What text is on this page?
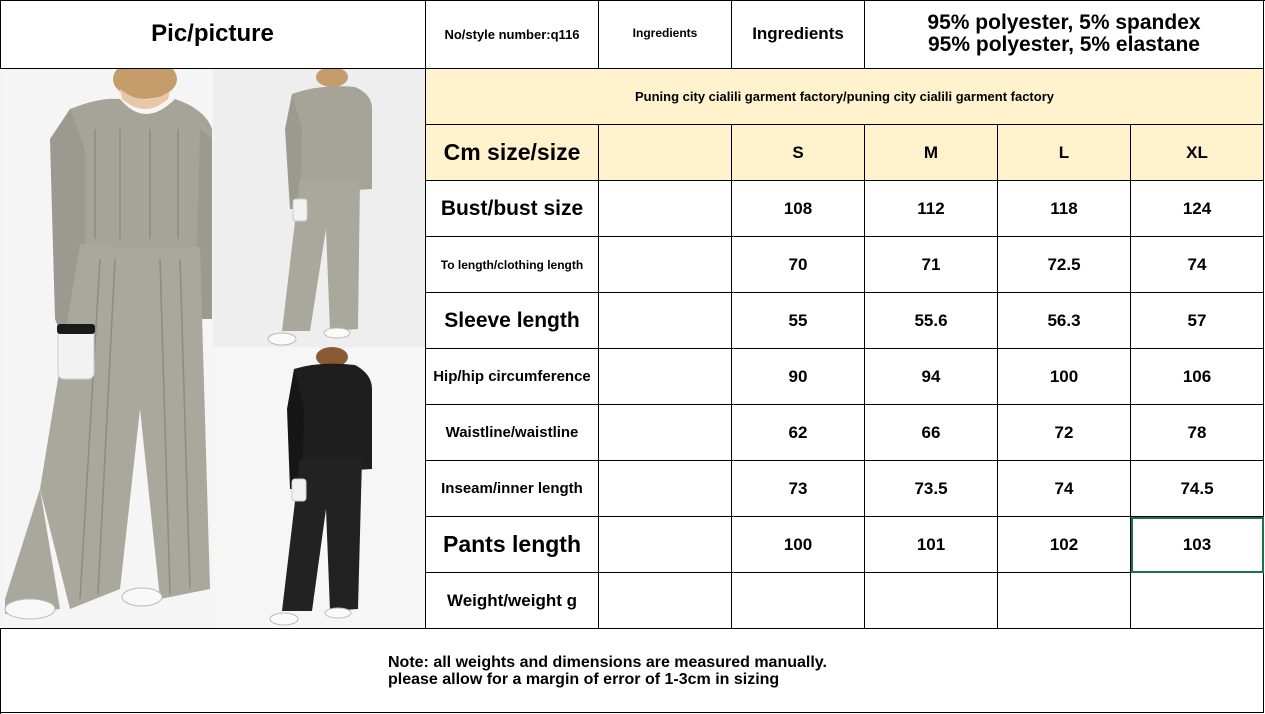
Pic/picture	No/style number:q116	Ingredients	Ingredients	95% polyester, 5% spandex
95% polyester, 5% elastane
Puning city cialili garment factory/puning city cialili garment factory
Cm size/size	S	M	L	XL
Bust/bust size	108	112	118	124
To length/clothing length	70	71	72.5	74
Sleeve length	55	55.6	56.3	57
Hip/hip circumference	90	94	100	106
Waistline/waistline	62	66	72	78
Inseam/inner length	73	73.5	74	74.5
Pants length	100	101	102	103
Weight/weight g
Note: all weights and dimensions are measured manually.
please allow for a margin of error of 1-3cm in sizing
